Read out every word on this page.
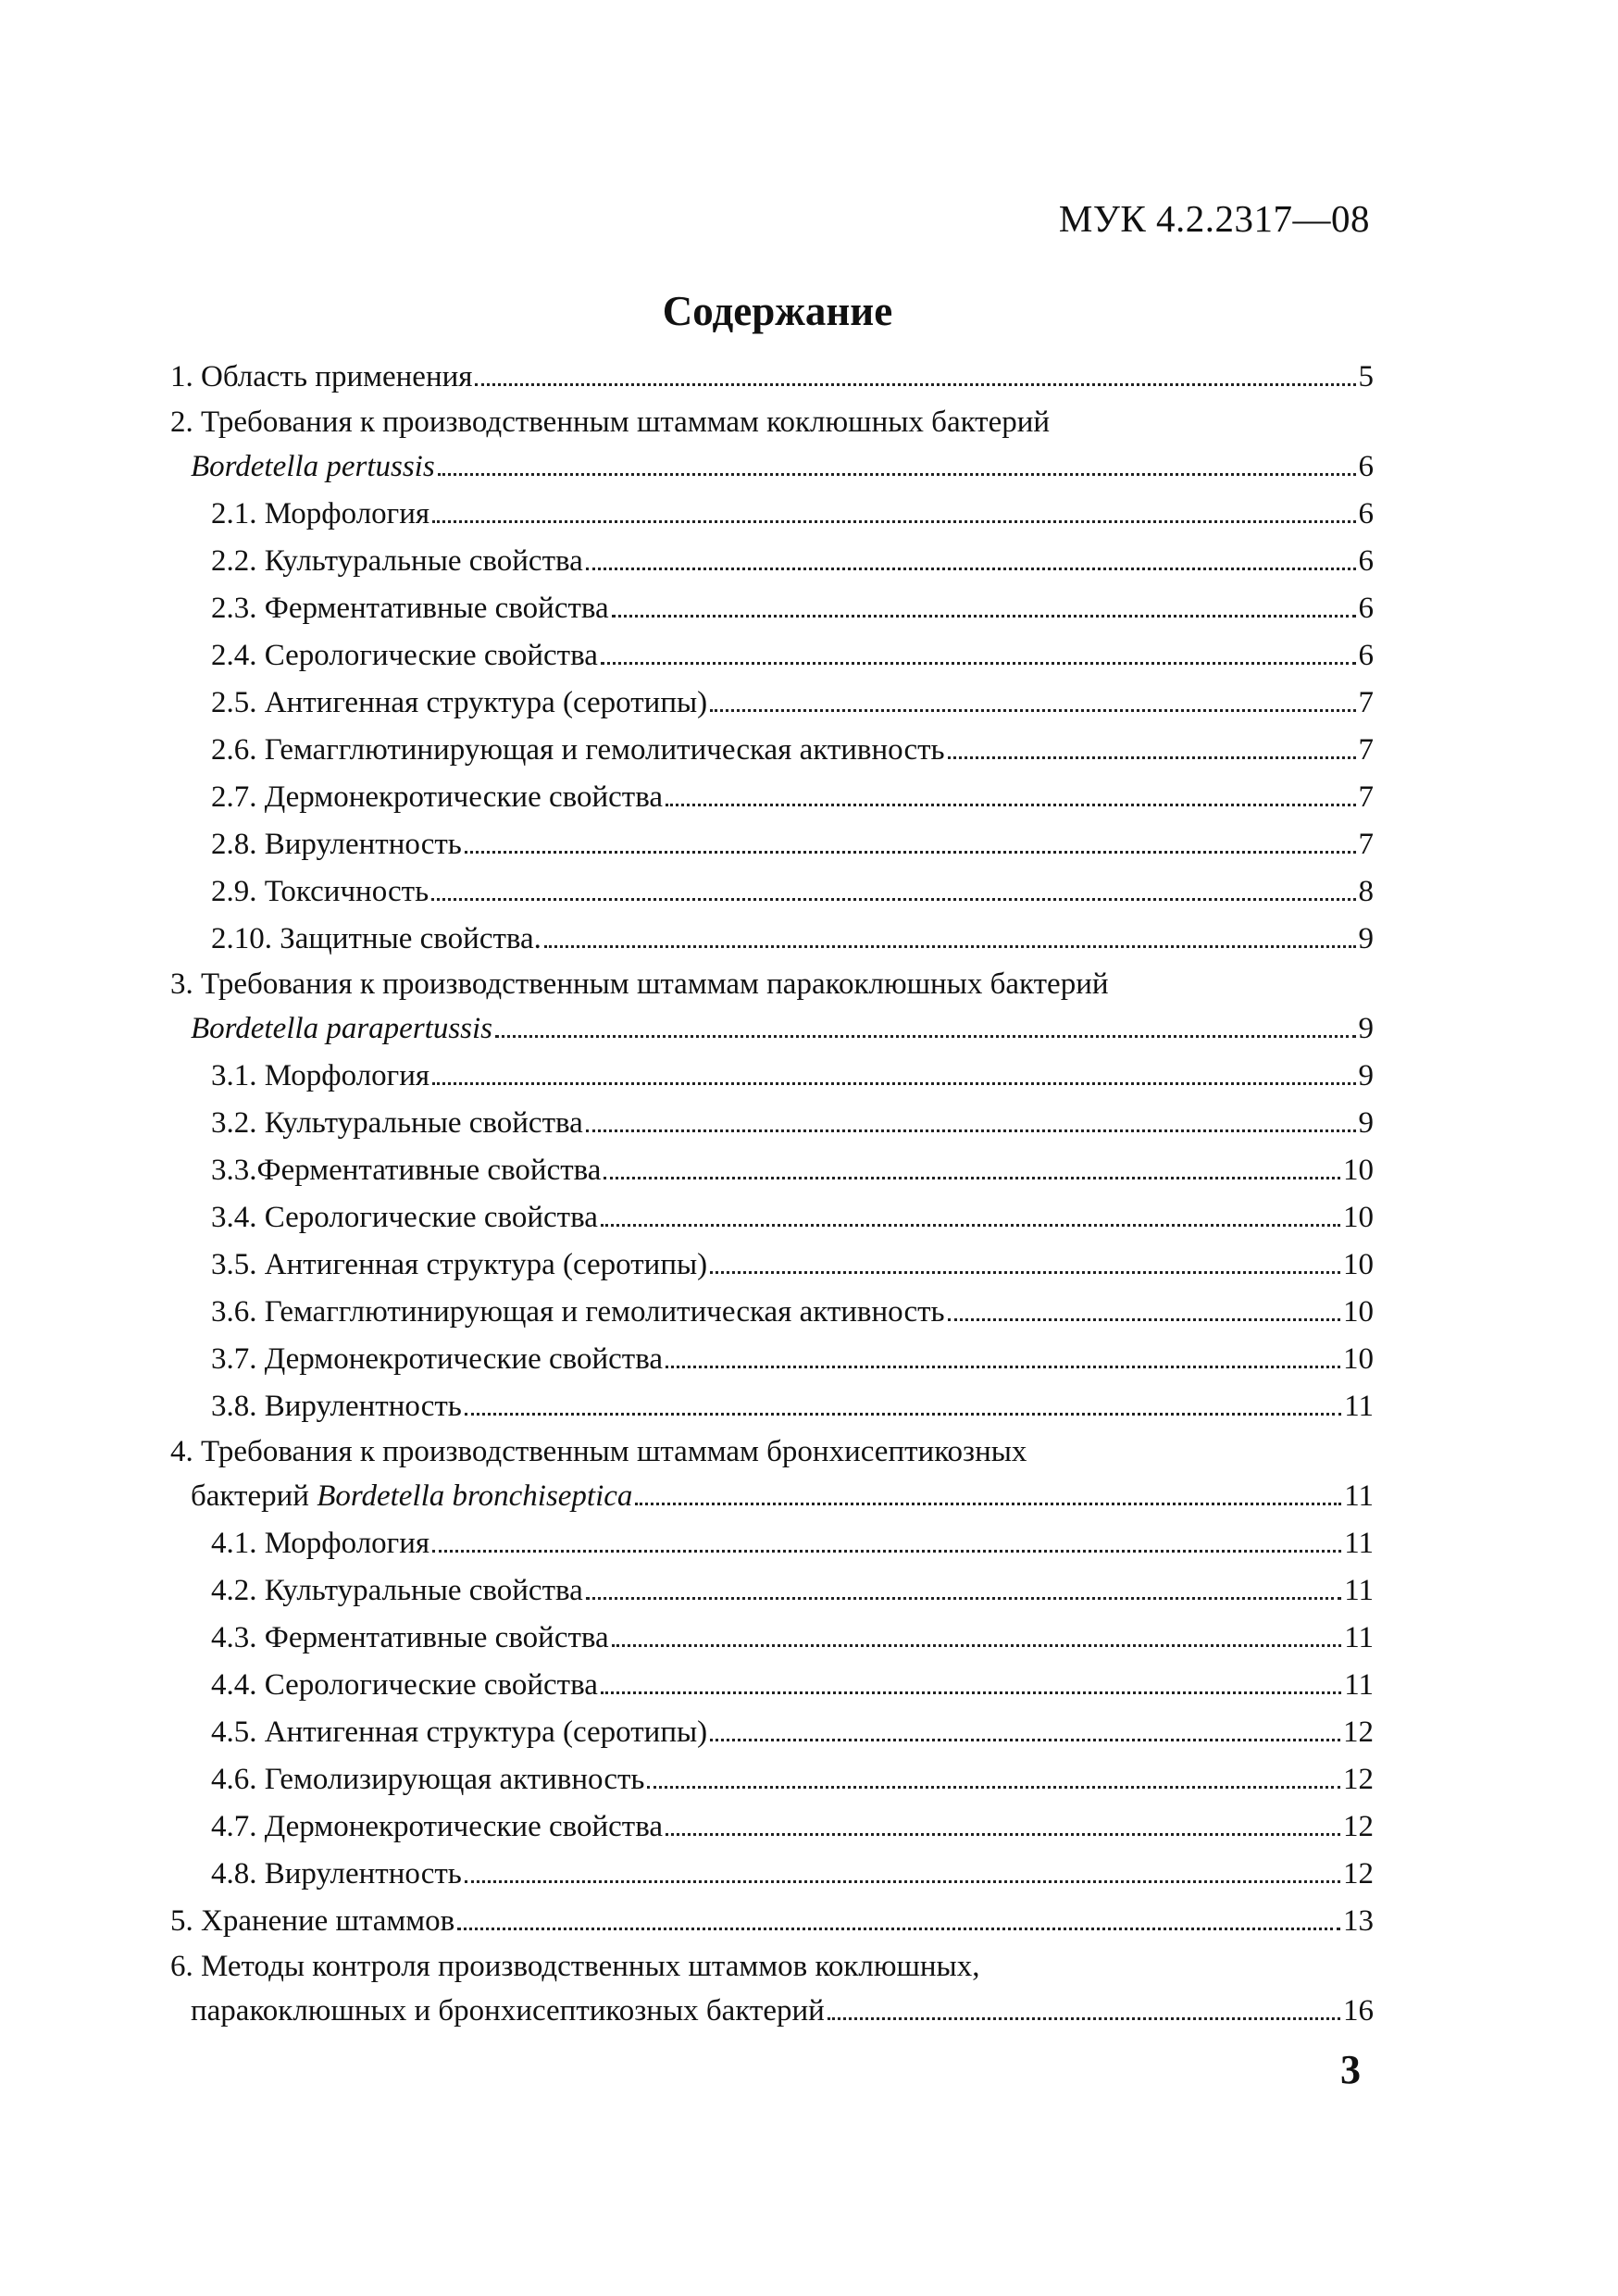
МУК 4.2.2317—08
Содержание
1. Область применения	5
2. Требования к производственным штаммам коклюшных бактерий
Bordetella pertussis	6
2.1. Морфология	6
2.2. Культуральные свойства	6
2.3. Ферментативные свойства	6
2.4. Серологические свойства	6
2.5. Антигенная структура (серотипы)	7
2.6. Гемагглютинирующая и гемолитическая активность	7
2.7. Дермонекротические свойства	7
2.8. Вирулентность	7
2.9. Токсичность	8
2.10. Защитные свойства.	9
3. Требования к производственным штаммам паракоклюшных бактерий
Bordetella parapertussis	9
3.1. Морфология	9
3.2. Культуральные свойства	9
3.3.Ферментативные свойства	10
3.4. Серологические свойства	10
3.5. Антигенная структура (серотипы)	10
3.6. Гемагглютинирующая и гемолитическая активность	10
3.7. Дермонекротические свойства	10
3.8. Вирулентность	11
4. Требования к производственным штаммам бронхисептикозных
бактерий Bordetella bronchiseptica	11
4.1. Морфология	11
4.2. Культуральные свойства	11
4.3. Ферментативные свойства	11
4.4. Серологические свойства	11
4.5. Антигенная структура (серотипы)	12
4.6. Гемолизирующая активность	12
4.7. Дермонекротические свойства	12
4.8. Вирулентность	12
5. Хранение штаммов	13
6. Методы контроля производственных штаммов коклюшных,
паракоклюшных и бронхисептикозных бактерий	16
3
